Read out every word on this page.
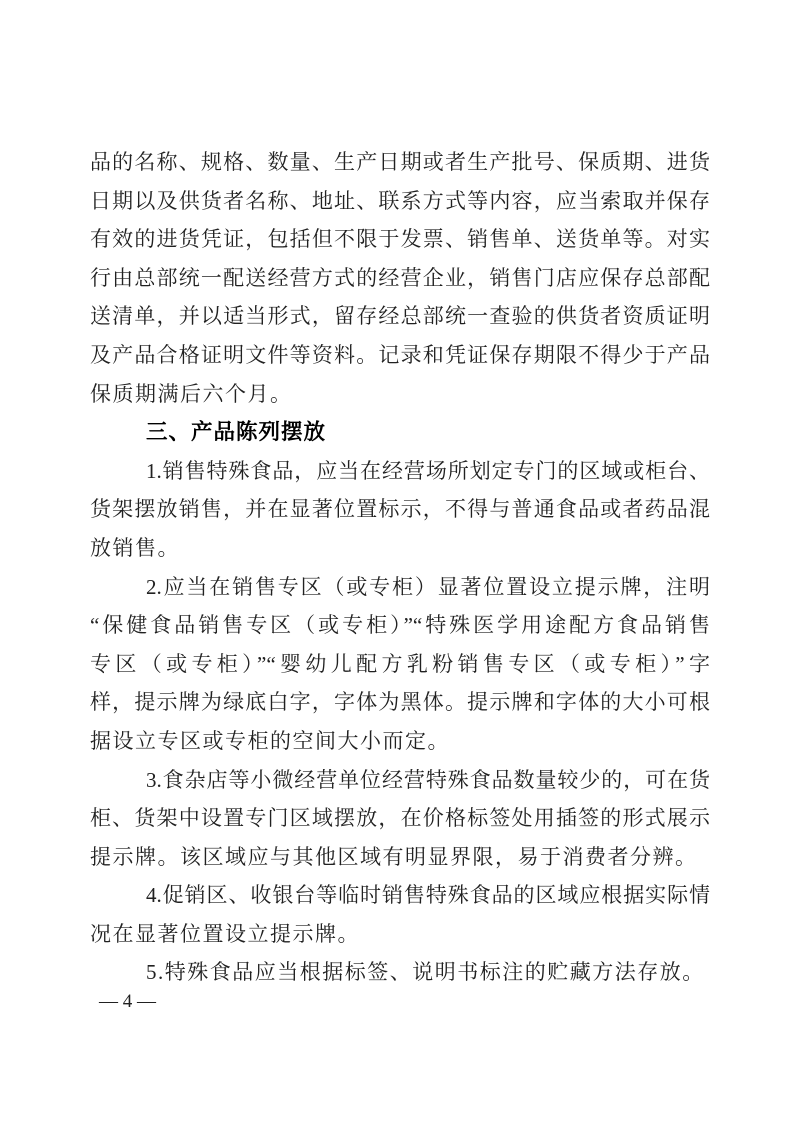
品的名称、规格、数量、生产日期或者生产批号、保质期、进货
日期以及供货者名称、地址、联系方式等内容，应当索取并保存
有效的进货凭证，包括但不限于发票、销售单、送货单等。对实
行由总部统一配送经营方式的经营企业，销售门店应保存总部配
送清单，并以适当形式，留存经总部统一查验的供货者资质证明
及产品合格证明文件等资料。记录和凭证保存期限不得少于产品
保质期满后六个月。
三、产品陈列摆放
1.销售特殊食品，应当在经营场所划定专门的区域或柜台、
货架摆放销售，并在显著位置标示，不得与普通食品或者药品混
放销售。
2.应当在销售专区（或专柜）显著位置设立提示牌，注明
“保健食品销售专区（或专柜）”“特殊医学用途配方食品销售
专区（或专柜）”“婴幼儿配方乳粉销售专区（或专柜）”字
样，提示牌为绿底白字，字体为黑体。提示牌和字体的大小可根
据设立专区或专柜的空间大小而定。
3.食杂店等小微经营单位经营特殊食品数量较少的，可在货
柜、货架中设置专门区域摆放，在价格标签处用插签的形式展示
提示牌。该区域应与其他区域有明显界限，易于消费者分辨。
4.促销区、收银台等临时销售特殊食品的区域应根据实际情
况在显著位置设立提示牌。
5.特殊食品应当根据标签、说明书标注的贮藏方法存放。
— 4 —
